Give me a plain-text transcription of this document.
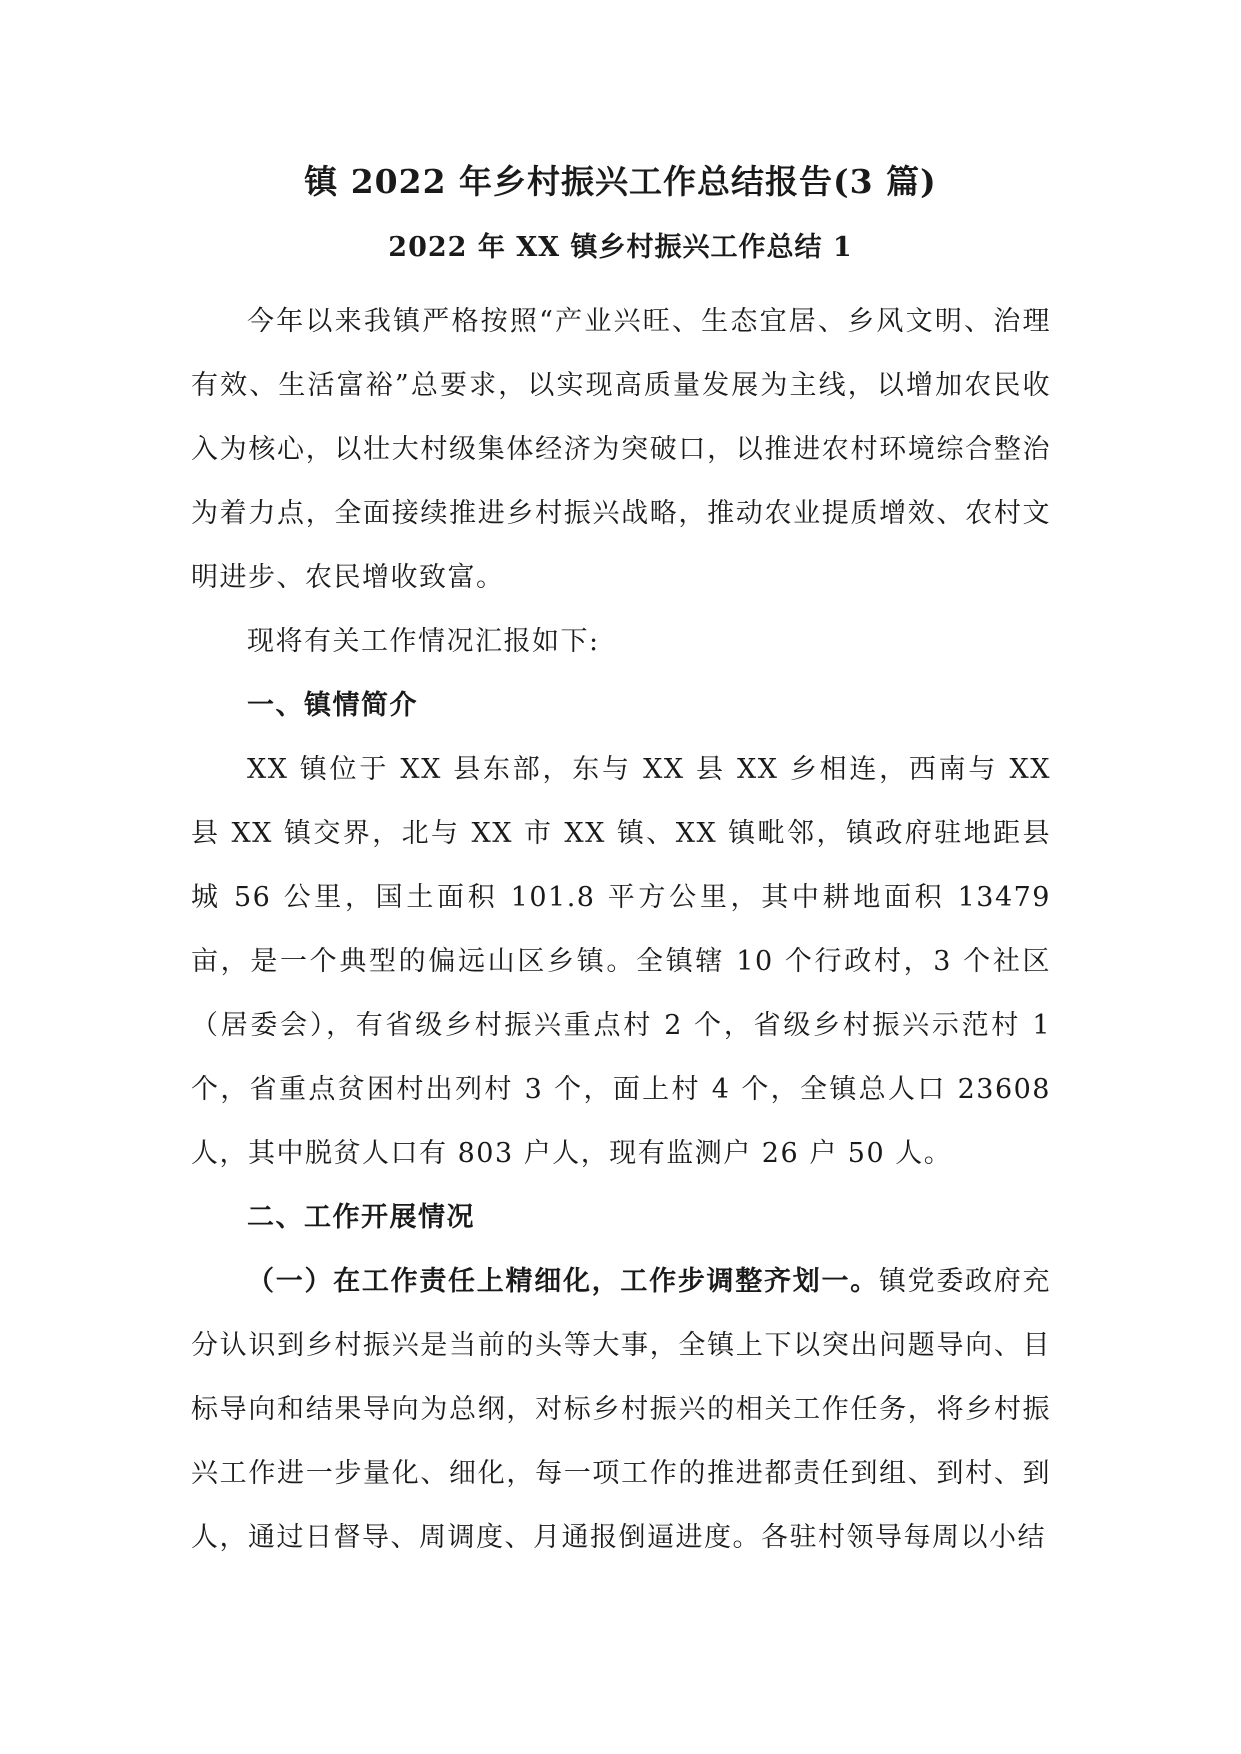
镇 2022 年乡村振兴工作总结报告(3 篇)
2022 年 XX 镇乡村振兴工作总结 1

今年以来我镇严格按照“产业兴旺、生态宜居、乡风文明、治理有效、生活富裕”总要求，以实现高质量发展为主线，以增加农民收入为核心，以壮大村级集体经济为突破口，以推进农村环境综合整治为着力点，全面接续推进乡村振兴战略，推动农业提质增效、农村文明进步、农民增收致富。

现将有关工作情况汇报如下:

一、镇情简介

XX 镇位于 XX 县东部，东与 XX 县 XX 乡相连，西南与 XX 县 XX 镇交界，北与 XX 市 XX 镇、XX 镇毗邻，镇政府驻地距县城 56 公里，国土面积 101.8 平方公里，其中耕地面积 13479 亩，是一个典型的偏远山区乡镇。全镇辖 10 个行政村，3 个社区（居委会），有省级乡村振兴重点村 2 个，省级乡村振兴示范村 1 个，省重点贫困村出列村 3 个，面上村 4 个，全镇总人口 23608 人，其中脱贫人口有 803 户人，现有监测户 26 户 50 人。

二、工作开展情况

（一）在工作责任上精细化，工作步调整齐划一。镇党委政府充分认识到乡村振兴是当前的头等大事，全镇上下以突出问题导向、目标导向和结果导向为总纲，对标乡村振兴的相关工作任务，将乡村振兴工作进一步量化、细化，每一项工作的推进都责任到组、到村、到人，通过日督导、周调度、月通报倒逼进度。各驻村领导每周以小结
